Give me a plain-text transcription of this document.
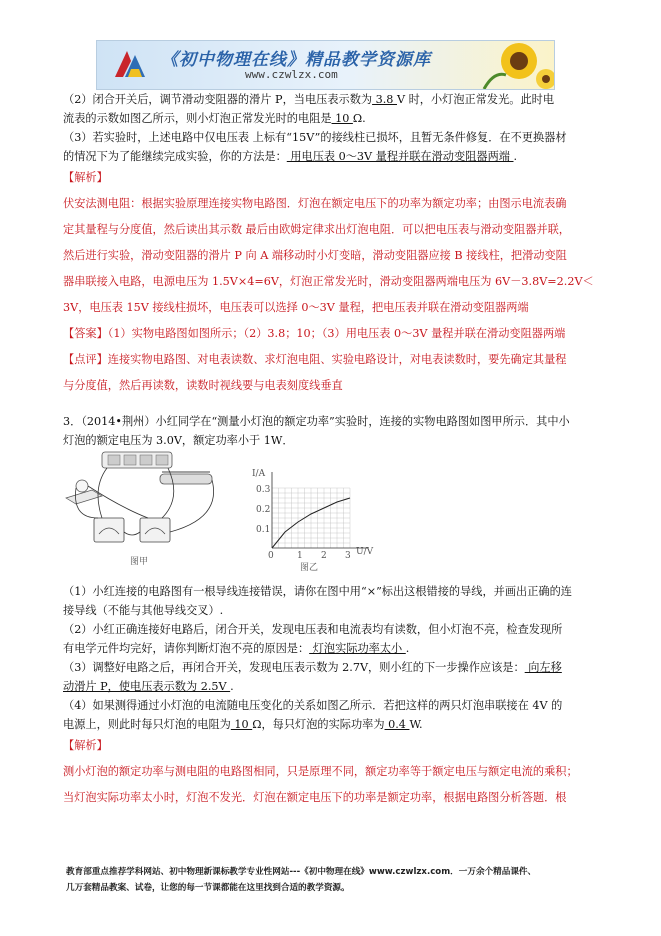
《初中物理在线》精品教学资源库
www.czwlzx.com
（2）闭合开关后，调节滑动变阻器的滑片 P，当电压表示数为 3.8 V 时，小灯泡正常发光。此时电
流表的示数如图乙所示，则小灯泡正常发光时的电阻是 10 Ω.
（3）若实验时，上述电路中仅电压表 上标有“15V”的接线柱已损坏，且暂无条件修复．在不更换器材
的情况下为了能继续完成实验，你的方法是： 用电压表 0～3V 量程并联在滑动变阻器两端 .
【解析】
伏安法测电阻：根据实验原理连接实物电路图．灯泡在额定电压下的功率为额定功率；由图示电流表确
定其量程与分度值，然后读出其示数 最后由欧姆定律求出灯泡电阻．可以把电压表与滑动变阻器并联，
然后进行实验，滑动变阻器的滑片 P 向 A 端移动时小灯变暗，滑动变阻器应接 B 接线柱，把滑动变阻
器串联接入电路，电源电压为 1.5V×4=6V，灯泡正常发光时，滑动变阻器两端电压为 6V－3.8V=2.2V＜
3V，电压表 15V 接线柱损坏，电压表可以选择 0～3V 量程，把电压表并联在滑动变阻器两端
【答案】（1）实物电路图如图所示；（2）3.8；10；（3）用电压表 0～3V 量程并联在滑动变阻器两端
【点评】连接实物电路图、对电表读数、求灯泡电阻、实验电路设计，对电表读数时，要先确定其量程
与分度值，然后再读数，读数时视线要与电表刻度线垂直
3．（2014•荆州）小红同学在“测量小灯泡的额定功率”实验时，连接的实物电路图如图甲所示．其中小
灯泡的额定电压为 3.0V，额定功率小于 1W．
图甲
I/A
U/V
0.3
0.2
0.1
0	1 2 3
图乙
（1）小红连接的电路图有一根导线连接错误，请你在图中用“×”标出这根错接的导线，并画出正确的连
接导线（不能与其他导线交叉）.
（2）小红正确连接好电路后，闭合开关，发现电压表和电流表均有读数，但小灯泡不亮，检查发现所
有电学元件均完好，请你判断灯泡不亮的原因是： 灯泡实际功率太小 .
（3）调整好电路之后，再闭合开关，发现电压表示数为 2.7V，则小红的下一步操作应该是： 向左移
动滑片 P，使电压表示数为 2.5V .
（4）如果测得通过小灯泡的电流随电压变化的关系如图乙所示．若把这样的两只灯泡串联接在 4V 的
电源上，则此时每只灯泡的电阻为 10 Ω，每只灯泡的实际功率为 0.4 W.
【解析】
测小灯泡的额定功率与测电阻的电路图相同，只是原理不同，额定功率等于额定电压与额定电流的乘积；
当灯泡实际功率太小时，灯泡不发光．灯泡在额定电压下的功率是额定功率，根据电路图分析答题．根
教育部重点推荐学科网站、初中物理新课标教学专业性网站---《初中物理在线》www.czwlzx.com．一万余个精品课件、
几万套精品教案、试卷，让您的每一节课都能在这里找到合适的教学资源。
